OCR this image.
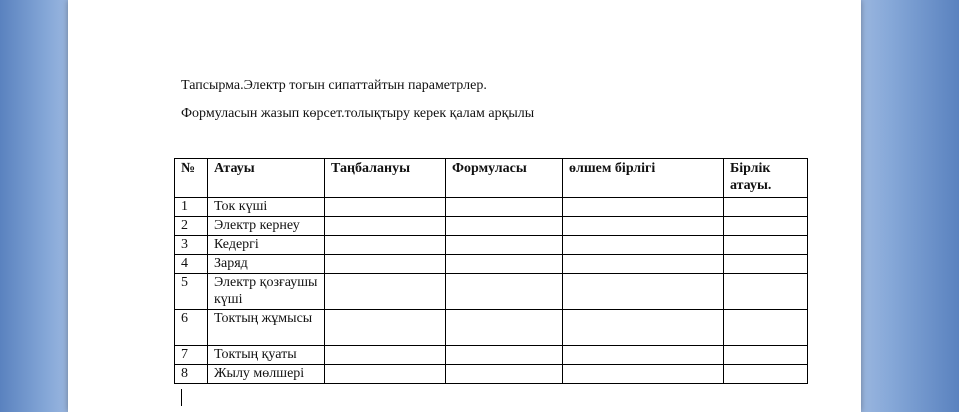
Тапсырма.Электр тогын сипаттайтын параметрлер.
Формуласын жазып көрсет.толықтыру керек қалам арқылы
№	Атауы	Таңбалануы	Формуласы	өлшем бірлігі	Бірлік атауы.
1	Ток күші				
2	Электр кернеу				
3	Кедергі				
4	Заряд				
5	Электр қозғаушы күші				
6	Токтың жұмысы				
7	Токтың қуаты				
8	Жылу мөлшері				
